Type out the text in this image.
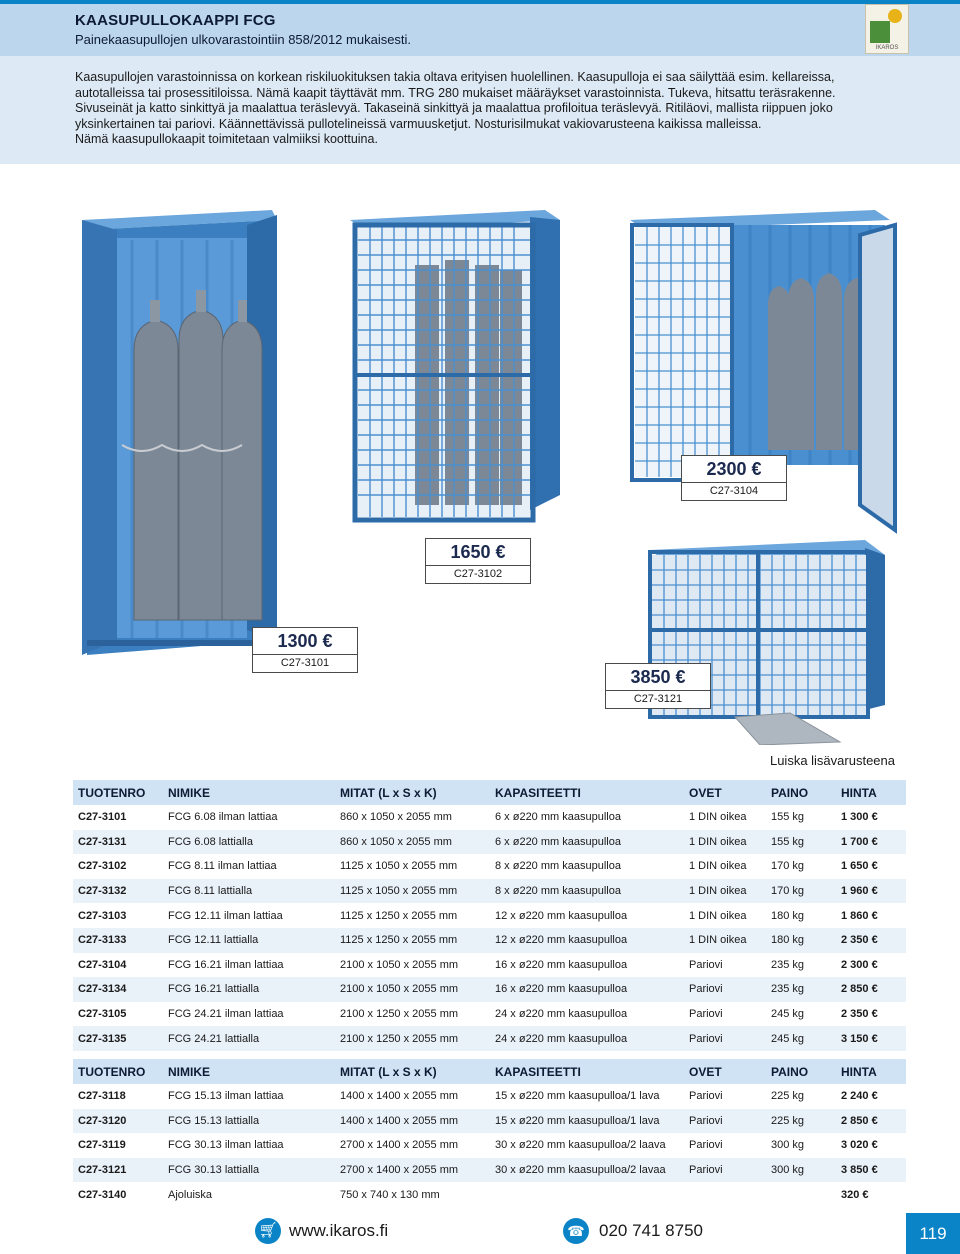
KAASUPULLOKAAPPI FCG
Painekaasupullojen ulkovarastointiin 858/2012 mukaisesti.
IKAROS

Kaasupullojen varastoinnissa on korkean riskiluokituksen takia oltava erityisen huolellinen. Kaasupulloja ei saa säilyttää esim. kellareissa,

autotalleissa tai prosessitiloissa. Nämä kaapit täyttävät mm. TRG 280 mukaiset määräykset varastoinnista. Tukeva, hitsattu teräsrakenne.

Sivuseinät ja katto sinkittyä ja maalattua teräslevyä. Takaseinä sinkittyä ja maalattua profiloitua teräslevyä. Ritiläovi, mallista riippuen joko

yksinkertainen tai pariovi. Käännettävissä pullotelineissä varmuusketjut. Nosturisilmukat vakiovarusteena kaikissa malleissa.

Nämä kaasupullokaapit toimitetaan valmiiksi koottuina.

1300 €
C27-3101
1650 €
C27-3102
2300 €
C27-3104
3850 €
C27-3121
Luiska lisävarusteena
TUOTENRO	NIMIKE	MITAT (L x S x K)	KAPASITEETTI	OVET	PAINO	HINTA
C27-3101	FCG 6.08 ilman lattiaa	860 x 1050 x 2055 mm	6 x ø220 mm kaasupulloa	1 DIN oikea	155 kg	1 300 €
C27-3131	FCG 6.08 lattialla	860 x 1050 x 2055 mm	6 x ø220 mm kaasupulloa	1 DIN oikea	155 kg	1 700 €
C27-3102	FCG 8.11 ilman lattiaa	1125 x 1050 x 2055 mm	8 x ø220 mm kaasupulloa	1 DIN oikea	170 kg	1 650 €
C27-3132	FCG 8.11 lattialla	1125 x 1050 x 2055 mm	8 x ø220 mm kaasupulloa	1 DIN oikea	170 kg	1 960 €
C27-3103	FCG 12.11 ilman lattiaa	1125 x 1250 x 2055 mm	12 x ø220 mm kaasupulloa	1 DIN oikea	180 kg	1 860 €
C27-3133	FCG 12.11 lattialla	1125 x 1250 x 2055 mm	12 x ø220 mm kaasupulloa	1 DIN oikea	180 kg	2 350 €
C27-3104	FCG 16.21 ilman lattiaa	2100 x 1050 x 2055 mm	16 x ø220 mm kaasupulloa	Pariovi	235 kg	2 300 €
C27-3134	FCG 16.21 lattialla	2100 x 1050 x 2055 mm	16 x ø220 mm kaasupulloa	Pariovi	235 kg	2 850 €
C27-3105	FCG 24.21 ilman lattiaa	2100 x 1250 x 2055 mm	24 x ø220 mm kaasupulloa	Pariovi	245 kg	2 350 €
C27-3135	FCG 24.21 lattialla	2100 x 1250 x 2055 mm	24 x ø220 mm kaasupulloa	Pariovi	245 kg	3 150 €
TUOTENRO	NIMIKE	MITAT (L x S x K)	KAPASITEETTI	OVET	PAINO	HINTA
C27-3118	FCG 15.13 ilman lattiaa	1400 x 1400 x 2055 mm	15 x ø220 mm kaasupulloa/1 lava	Pariovi	225 kg	2 240 €
C27-3120	FCG 15.13 lattialla	1400 x 1400 x 2055 mm	15 x ø220 mm kaasupulloa/1 lava	Pariovi	225 kg	2 850 €
C27-3119	FCG 30.13 ilman lattiaa	2700 x 1400 x 2055 mm	30 x ø220 mm kaasupulloa/2 laava	Pariovi	300 kg	3 020 €
C27-3121	FCG 30.13 lattialla	2700 x 1400 x 2055 mm	30 x ø220 mm kaasupulloa/2 lavaa	Pariovi	300 kg	3 850 €
C27-3140	Ajoluiska	750 x 740 x 130 mm				320 €
🛒︎ www.ikaros.fi	☎ 020 741 8750	119
